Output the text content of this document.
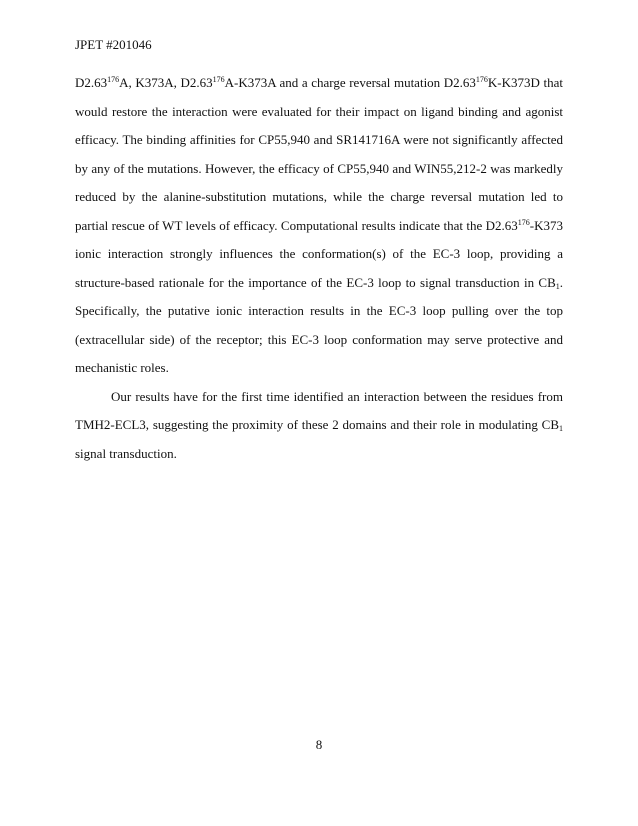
JPET #201046

D2.63$^{176}$A, K373A, D2.63$^{176}$A-K373A and a charge reversal mutation D2.63$^{176}$K-K373D that would restore the interaction were evaluated for their impact on ligand binding and agonist efficacy. The binding affinities for CP55,940 and SR141716A were not significantly affected by any of the mutations. However, the efficacy of CP55,940 and WIN55,212-2 was markedly reduced by the alanine-substitution mutations, while the charge reversal mutation led to partial rescue of WT levels of efficacy. Computational results indicate that the D2.63$^{176}$-K373 ionic interaction strongly influences the conformation(s) of the EC-3 loop, providing a structure-based rationale for the importance of the EC-3 loop to signal transduction in $CB_1$. Specifically, the putative ionic interaction results in the EC-3 loop pulling over the top (extracellular side) of the receptor; this EC-3 loop conformation may serve protective and mechanistic roles.

Our results have for the first time identified an interaction between the residues from TMH2-ECL3, suggesting the proximity of these 2 domains and their role in modulating $CB_1$ signal transduction.

8
